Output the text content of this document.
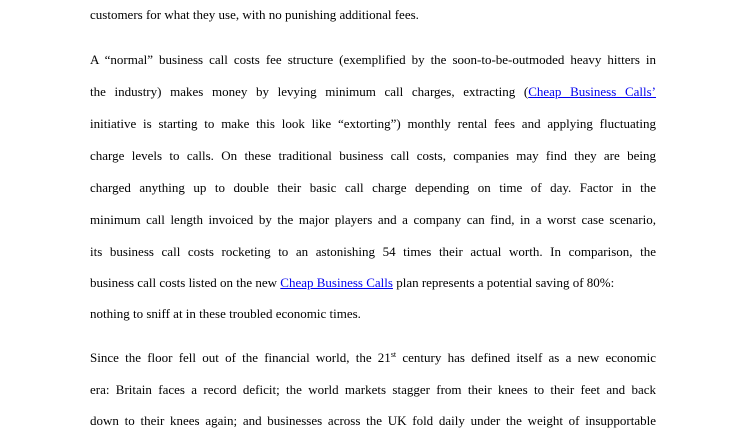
customers for what they use, with no punishing additional fees.

A “normal” business call costs fee structure (exemplified by the soon-to-be-outmoded heavy hitters in

the industry) makes money by levying minimum call charges, extracting (Cheap Business Calls’

initiative is starting to make this look like “extorting”) monthly rental fees and applying fluctuating

charge levels to calls. On these traditional business call costs, companies may find they are being

charged anything up to double their basic call charge depending on time of day. Factor in the

minimum call length invoiced by the major players and a company can find, in a worst case scenario,

its business call costs rocketing to an astonishing 54 times their actual worth. In comparison, the

business call costs listed on the new Cheap Business Calls plan represents a potential saving of 80%:

nothing to sniff at in these troubled economic times.

Since the floor fell out of the financial world, the 21st century has defined itself as a new economic

era: Britain faces a record deficit; the world markets stagger from their knees to their feet and back

down to their knees again; and businesses across the UK fold daily under the weight of insupportable
